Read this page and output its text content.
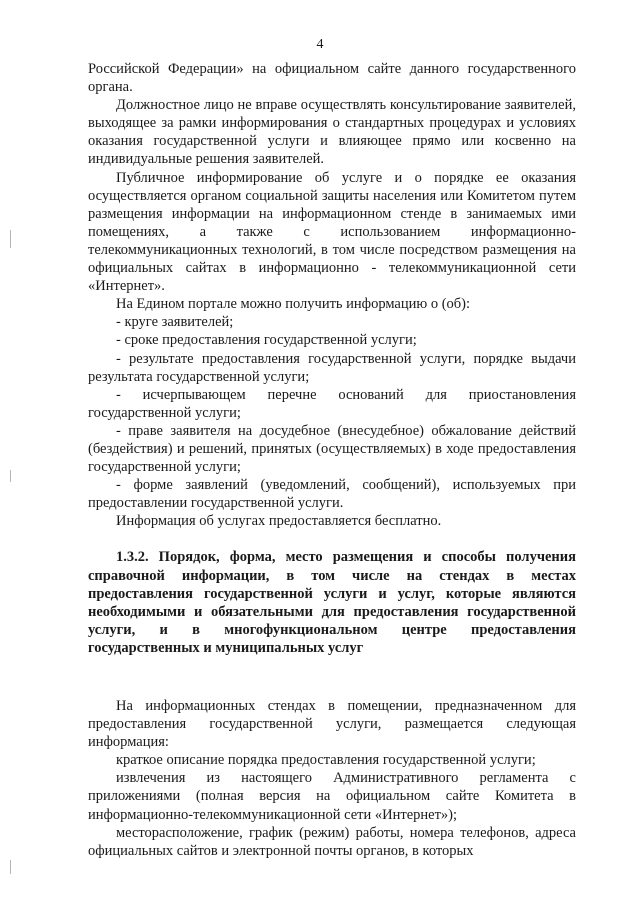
4

Российской Федерации» на официальном сайте данного государственного органа.

Должностное лицо не вправе осуществлять консультирование заявителей, выходящее за рамки информирования о стандартных процедурах и условиях оказания государственной услуги и влияющее прямо или косвенно на индивидуальные решения заявителей.

Публичное информирование об услуге и о порядке ее оказания осуществляется органом социальной защиты населения или Комитетом путем размещения информации на информационном стенде в занимаемых ими помещениях, а также с использованием информационно-телекоммуникационных технологий, в том числе посредством размещения на официальных сайтах в информационно - телекоммуникационной сети «Интернет».

На Едином портале можно получить информацию о (об):

- круге заявителей;

- сроке предоставления государственной услуги;

- результате предоставления государственной услуги, порядке выдачи результата государственной услуги;

- исчерпывающем перечне оснований для приостановления государственной услуги;

- праве заявителя на досудебное (внесудебное) обжалование действий (бездействия) и решений, принятых (осуществляемых) в ходе предоставления государственной услуги;

- форме заявлений (уведомлений, сообщений), используемых при предоставлении государственной услуги.

Информация об услугах предоставляется бесплатно.

1.3.2. Порядок, форма, место размещения и способы получения справочной информации, в том числе на стендах в местах предоставления государственной услуги и услуг, которые являются необходимыми и обязательными для предоставления государственной услуги, и в многофункциональном центре предоставления государственных и муниципальных услуг

На информационных стендах в помещении, предназначенном для предоставления государственной услуги, размещается следующая информация:

краткое описание порядка предоставления государственной услуги;

извлечения из настоящего Административного регламента с приложениями (полная версия на официальном сайте Комитета в информационно-телекоммуникационной сети «Интернет»);

месторасположение, график (режим) работы, номера телефонов, адреса официальных сайтов и электронной почты органов, в которых
